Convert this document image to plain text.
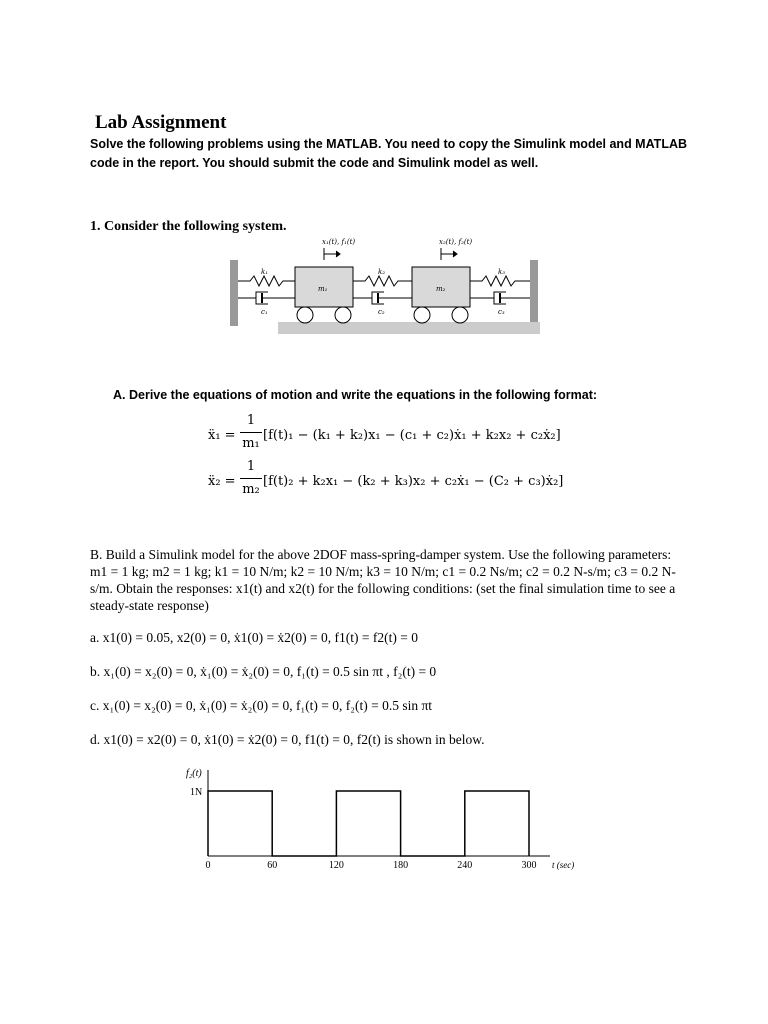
Lab Assignment
Solve the following problems using the MATLAB. You need to copy the Simulink model and MATLAB code in the report. You should submit the code and Simulink model as well.
1. Consider the following system.
x₁(t), f₁(t)	x₂(t), f₂(t)
m₁	m₂
k₁	k₂	k₃
c₁	c₂	c₃
A. Derive the equations of motion and write the equations in the following format:
ẍ₁ =
1
m₁
[f(t)₁ − (k₁ + k₂)x₁ − (c₁ + c₂)ẋ₁ + k₂x₂ + c₂ẋ₂]
ẍ₂ =
1
m₂
[f(t)₂ + k₂x₁ − (k₂ + k₃)x₂ + c₂ẋ₁ − (C₂ + c₃)ẋ₂]
B. Build a Simulink model for the above 2DOF mass-spring-damper system. Use the following parameters: m1 = 1 kg; m2 = 1 kg; k1 = 10 N/m; k2 = 10 N/m; k3 = 10 N/m; c1 = 0.2 Ns/m; c2 = 0.2 N-s/m; c3 = 0.2 N-s/m. Obtain the responses: x1(t) and x2(t) for the following conditions: (set the final simulation time to see a steady-state response)
a. x1(0) = 0.05, x2(0) = 0, ẋ1(0) = ẋ2(0) = 0, f1(t) = f2(t) = 0
b. x₁(0) = x₂(0) = 0, ẋ₁(0) = ẋ₂(0) = 0, f₁(t) = 0.5 sin πt , f₂(t) = 0
c. x₁(0) = x₂(0) = 0, ẋ₁(0) = ẋ₂(0) = 0, f₁(t) = 0, f₂(t) = 0.5 sin πt
d. x1(0) = x2(0) = 0, ẋ1(0) = ẋ2(0) = 0, f1(t) = 0, f2(t) is shown in below.
0	60	120	180	240	300
f₂(t)
1N
t (sec)
